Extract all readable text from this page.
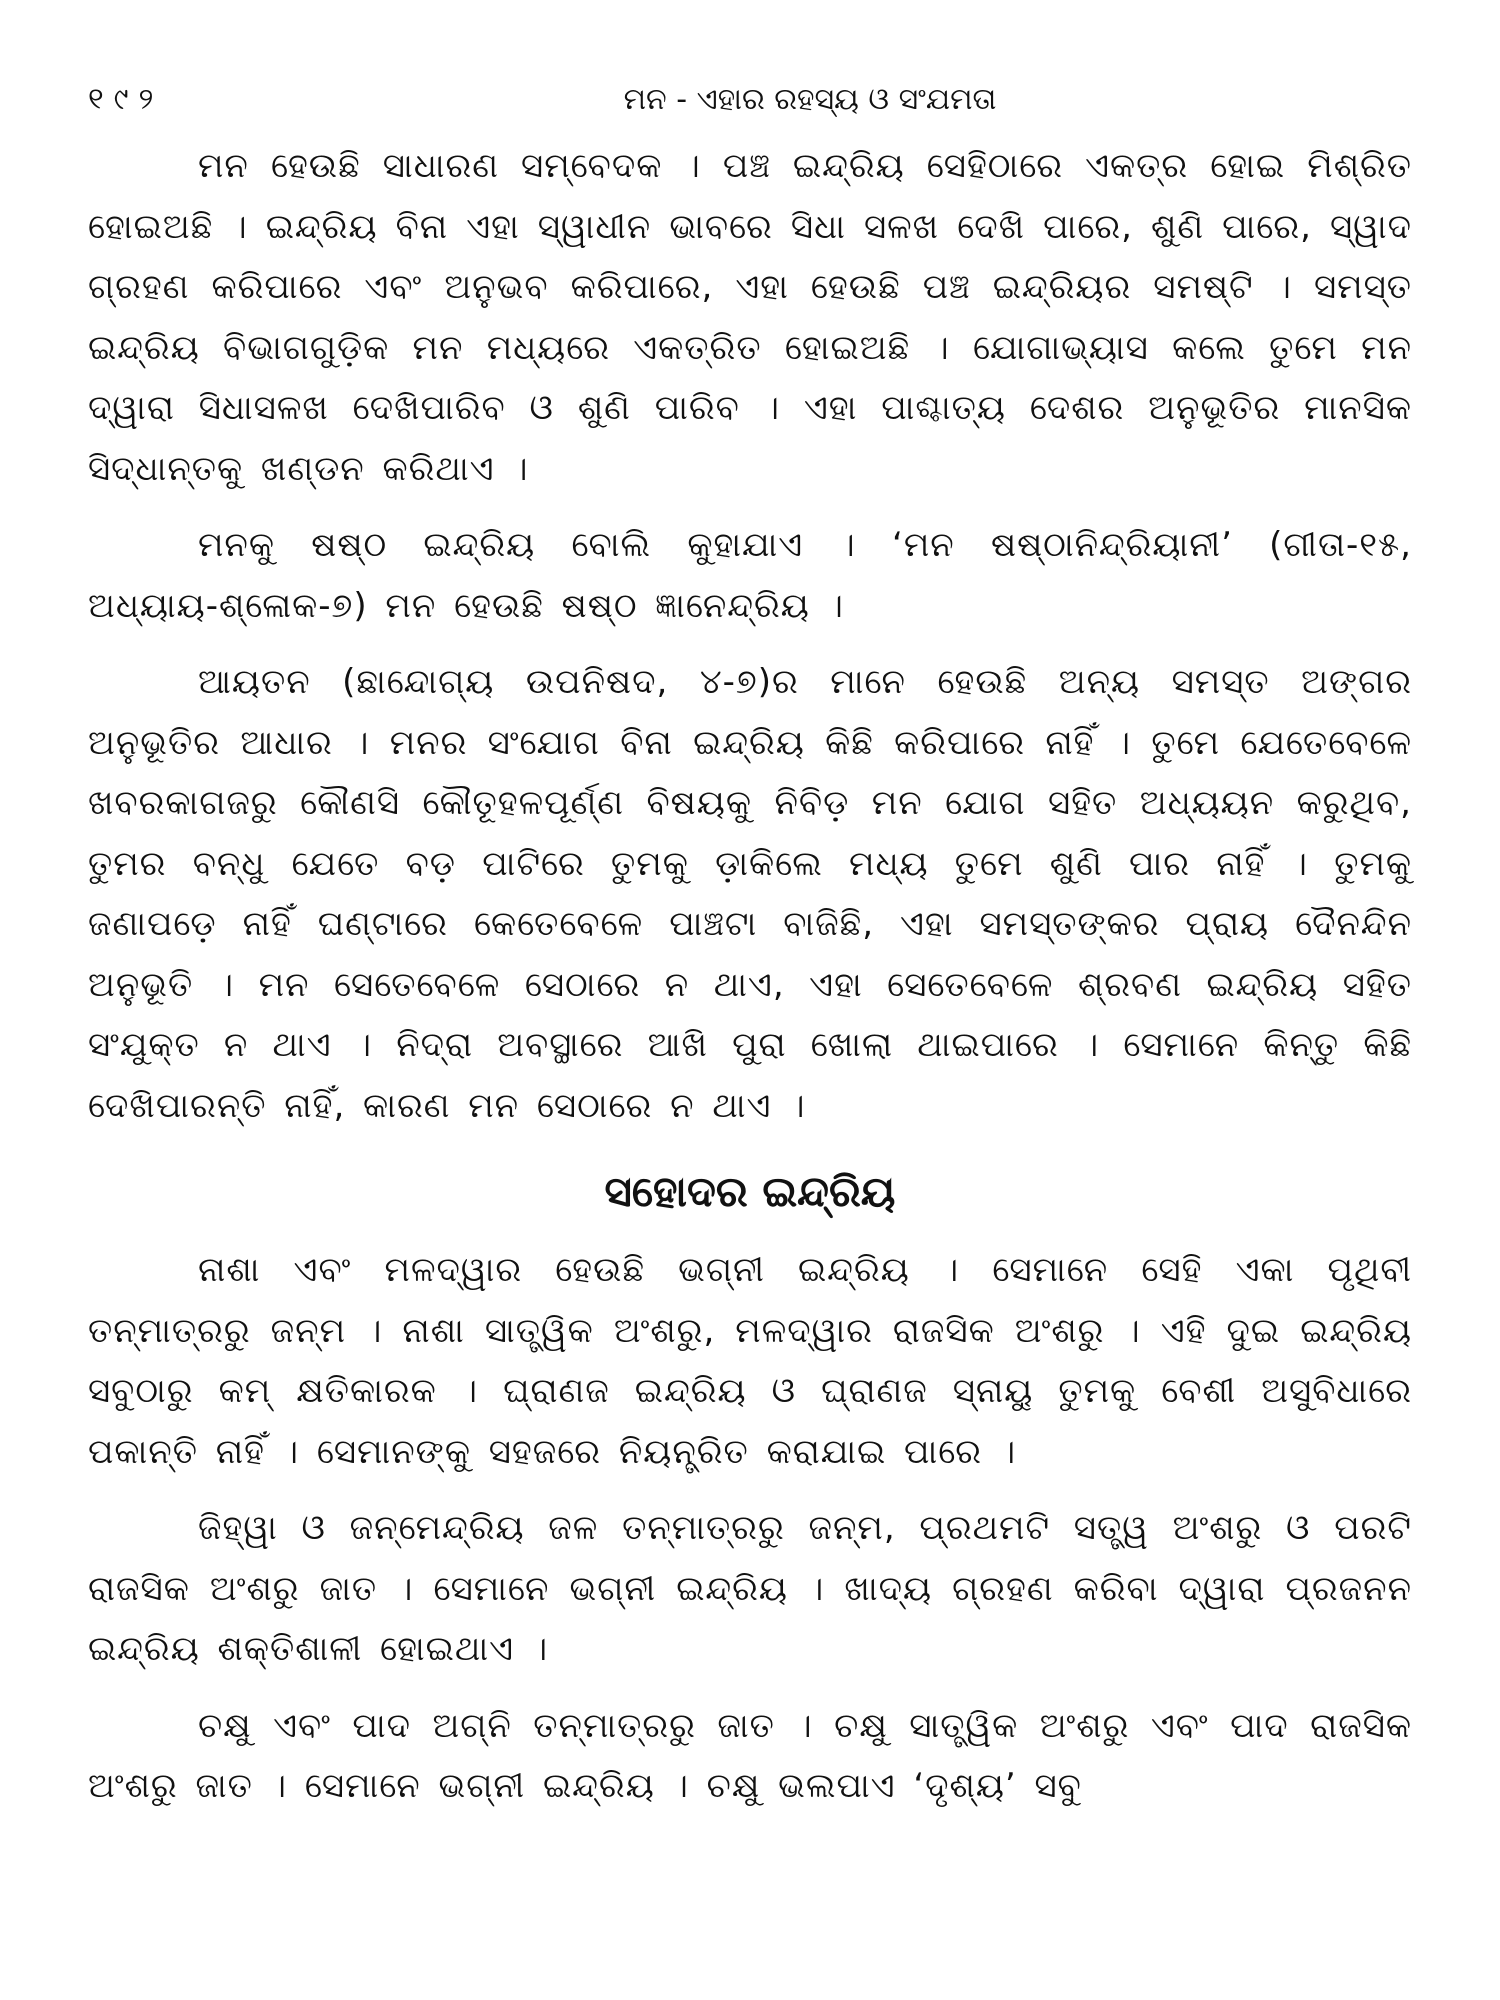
୧୯୨	ମନ - ଏହାର ରହସ୍ୟ ଓ ସଂଯମତା

ମନ ହେଉଛି ସାଧାରଣ ସମ୍ବେଦକ । ପଞ୍ଚ ଇନ୍ଦ୍ରିୟ ସେହିଠାରେ ଏକତ୍ର ହୋଇ ମିଶ୍ରିତ ହୋଇଅଛି । ଇନ୍ଦ୍ରିୟ ବିନା ଏହା ସ୍ୱାଧୀନ ଭାବରେ ସିଧା ସଳଖ ଦେଖି ପାରେ, ଶୁଣି ପାରେ, ସ୍ୱାଦ ଗ୍ରହଣ କରିପାରେ ଏବଂ ଅନୁଭବ କରିପାରେ, ଏହା ହେଉଛି ପଞ୍ଚ ଇନ୍ଦ୍ରିୟର ସମଷ୍ଟି । ସମସ୍ତ ଇନ୍ଦ୍ରିୟ ବିଭାଗଗୁଡ଼ିକ ମନ ମଧ୍ୟରେ ଏକତ୍ରିତ ହୋଇଅଛି । ଯୋଗାଭ୍ୟାସ କଲେ ତୁମେ ମନ ଦ୍ୱାରା ସିଧାସଳଖ ଦେଖିପାରିବ ଓ ଶୁଣି ପାରିବ । ଏହା ପାଶ୍ଚାତ୍ୟ ଦେଶର ଅନୁଭୂତିର ମାନସିକ ସିଦ୍ଧାନ୍ତକୁ ଖଣ୍ଡନ କରିଥାଏ ।

ମନକୁ ଷଷ୍ଠ ଇନ୍ଦ୍ରିୟ ବୋଲି କୁହାଯାଏ । ‘ମନ ଷଷ୍ଠାନିନ୍ଦ୍ରିୟାନୀ’ (ଗୀତା-୧୫, ଅଧ୍ୟାୟ-ଶ୍ଳୋକ-୭) ମନ ହେଉଛି ଷଷ୍ଠ ଜ୍ଞାନେନ୍ଦ୍ରିୟ ।

ଆୟତନ (ଛାନ୍ଦୋଗ୍ୟ ଉପନିଷଦ, ୪-୭)ର ମାନେ ହେଉଛି ଅନ୍ୟ ସମସ୍ତ ଅଙ୍ଗର ଅନୁଭୂତିର ଆଧାର । ମନର ସଂଯୋଗ ବିନା ଇନ୍ଦ୍ରିୟ କିଛି କରିପାରେ ନାହିଁ । ତୁମେ ଯେତେବେଳେ ଖବରକାଗଜରୁ କୌଣସି କୌତୂହଳପୂର୍ଣ୍ଣ ବିଷୟକୁ ନିବିଡ଼ ମନ ଯୋଗ ସହିତ ଅଧ୍ୟୟନ କରୁଥିବ, ତୁମର ବନ୍ଧୁ ଯେତେ ବଡ଼ ପାଟିରେ ତୁମକୁ ଡ଼ାକିଲେ ମଧ୍ୟ ତୁମେ ଶୁଣି ପାର ନାହିଁ । ତୁମକୁ ଜଣାପଡ଼େ ନାହିଁ ଘଣ୍ଟାରେ କେତେବେଳେ ପାଞ୍ଚଟା ବାଜିଛି, ଏହା ସମସ୍ତଙ୍କର ପ୍ରାୟ ଦୈନନ୍ଦିନ ଅନୁଭୂତି । ମନ ସେତେବେଳେ ସେଠାରେ ନ ଥାଏ, ଏହା ସେତେବେଳେ ଶ୍ରବଣ ଇନ୍ଦ୍ରିୟ ସହିତ ସଂଯୁକ୍ତ ନ ଥାଏ । ନିଦ୍ରା ଅବସ୍ଥାରେ ଆଖି ପୁରା ଖୋଲା ଥାଇପାରେ । ସେମାନେ କିନ୍ତୁ କିଛି ଦେଖିପାରନ୍ତି ନାହିଁ, କାରଣ ମନ ସେଠାରେ ନ ଥାଏ ।

ସହୋଦର ଇନ୍ଦ୍ରିୟ

ନାଶା ଏବଂ ମଳଦ୍ୱାର ହେଉଛି ଭଗ୍ନୀ ଇନ୍ଦ୍ରିୟ । ସେମାନେ ସେହି ଏକା ପୃଥିବୀ ତନ୍ମାତ୍ରରୁ ଜନ୍ମ । ନାଶା ସାତ୍ତ୍ୱିକ ଅଂଶରୁ, ମଳଦ୍ୱାର ରାଜସିକ ଅଂଶରୁ । ଏହି ଦୁଇ ଇନ୍ଦ୍ରିୟ ସବୁଠାରୁ କମ୍ କ୍ଷତିକାରକ । ଘ୍ରାଣଜ ଇନ୍ଦ୍ରିୟ ଓ ଘ୍ରାଣଜ ସ୍ନାୟୁ ତୁମକୁ ବେଶୀ ଅସୁବିଧାରେ ପକାନ୍ତି ନାହିଁ । ସେମାନଙ୍କୁ ସହଜରେ ନିୟନ୍ତ୍ରିତ କରାଯାଇ ପାରେ ।

ଜିହ୍ୱା ଓ ଜନ୍ମେନ୍ଦ୍ରିୟ ଜଳ ତନ୍ମାତ୍ରରୁ ଜନ୍ମ, ପ୍ରଥମଟି ସତ୍ତ୍ୱ ଅଂଶରୁ ଓ ପରଟି ରାଜସିକ ଅଂଶରୁ ଜାତ । ସେମାନେ ଭଗ୍ନୀ ଇନ୍ଦ୍ରିୟ । ଖାଦ୍ୟ ଗ୍ରହଣ କରିବା ଦ୍ୱାରା ପ୍ରଜନନ ଇନ୍ଦ୍ରିୟ ଶକ୍ତିଶାଳୀ ହୋଇଥାଏ ।

ଚକ୍ଷୁ ଏବଂ ପାଦ ଅଗ୍ନି ତନ୍ମାତ୍ରରୁ ଜାତ । ଚକ୍ଷୁ ସାତ୍ତ୍ୱିକ ଅଂଶରୁ ଏବଂ ପାଦ ରାଜସିକ ଅଂଶରୁ ଜାତ । ସେମାନେ ଭଗ୍ନୀ ଇନ୍ଦ୍ରିୟ । ଚକ୍ଷୁ ଭଲପାଏ ‘ଦୃଶ୍ୟ’ ସବୁ
